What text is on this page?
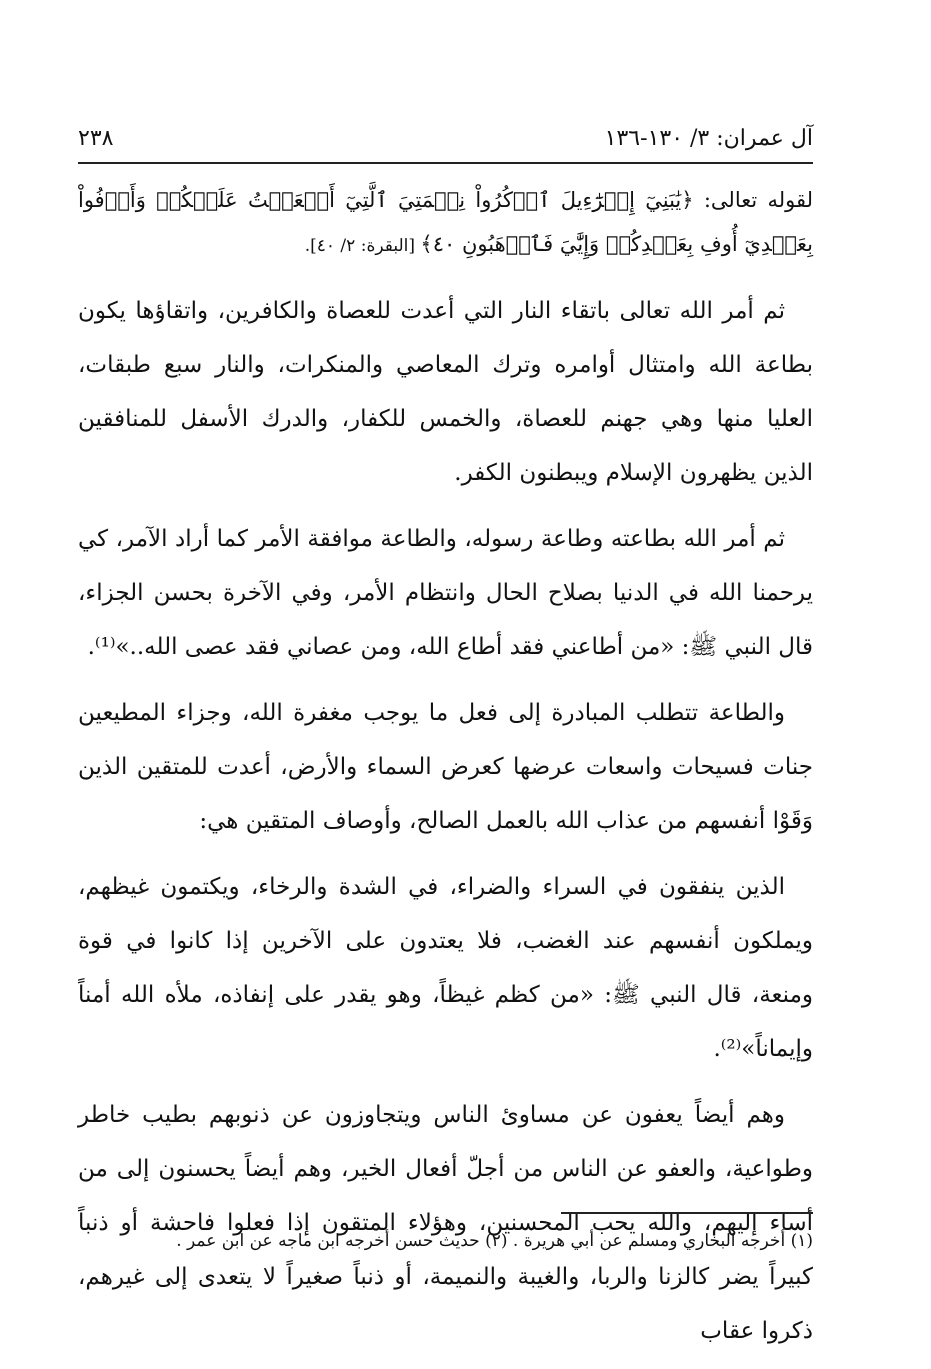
آل عمران: ٣/ ١٣٠-١٣٦
٢٣٨
لقوله تعالى: ﴿يَٰبَنِيٓ إِسۡرَٰٓءِيلَ ٱذۡكُرُواْ نِعۡمَتِيَ ٱلَّتِيٓ أَنۡعَمۡتُ عَلَيۡكُمۡ وَأَوۡفُواْ بِعَهۡدِيٓ أُوفِ بِعَهۡدِكُمۡ وَإِيَّٰيَ فَٱرۡهَبُونِ ٤٠﴾ [البقرة: ٢/ ٤٠].

ثم أمر الله تعالى باتقاء النار التي أعدت للعصاة والكافرين، واتقاؤها يكون بطاعة الله وامتثال أوامره وترك المعاصي والمنكرات، والنار سبع طبقات، العليا منها وهي جهنم للعصاة، والخمس للكفار، والدرك الأسفل للمنافقين الذين يظهرون الإسلام ويبطنون الكفر.

ثم أمر الله بطاعته وطاعة رسوله، والطاعة موافقة الأمر كما أراد الآمر، كي يرحمنا الله في الدنيا بصلاح الحال وانتظام الأمر، وفي الآخرة بحسن الجزاء، قال النبي ﷺ: «من أطاعني فقد أطاع الله، ومن عصاني فقد عصى الله..»⁽¹⁾.

والطاعة تتطلب المبادرة إلى فعل ما يوجب مغفرة الله، وجزاء المطيعين جنات فسيحات واسعات عرضها كعرض السماء والأرض، أعدت للمتقين الذين وَقَوْا أنفسهم من عذاب الله بالعمل الصالح، وأوصاف المتقين هي:

الذين ينفقون في السراء والضراء، في الشدة والرخاء، ويكتمون غيظهم، ويملكون أنفسهم عند الغضب، فلا يعتدون على الآخرين إذا كانوا في قوة ومنعة، قال النبي ﷺ: «من كظم غيظاً، وهو يقدر على إنفاذه، ملأه الله أمناً وإيماناً»⁽²⁾.

وهم أيضاً يعفون عن مساوئ الناس ويتجاوزون عن ذنوبهم بطيب خاطر وطواعية، والعفو عن الناس من أجلّ أفعال الخير، وهم أيضاً يحسنون إلى من أساء إليهم، والله يحب المحسنين، وهؤلاء المتقون إذا فعلوا فاحشة أو ذنباً كبيراً يضر كالزنا والربا، والغيبة والنميمة، أو ذنباً صغيراً لا يتعدى إلى غيرهم، ذكروا عقاب

(١) أخرجه البخاري ومسلم عن أبي هريرة . (٢) حديث حسن أخرجه ابن ماجه عن ابن عمر .
